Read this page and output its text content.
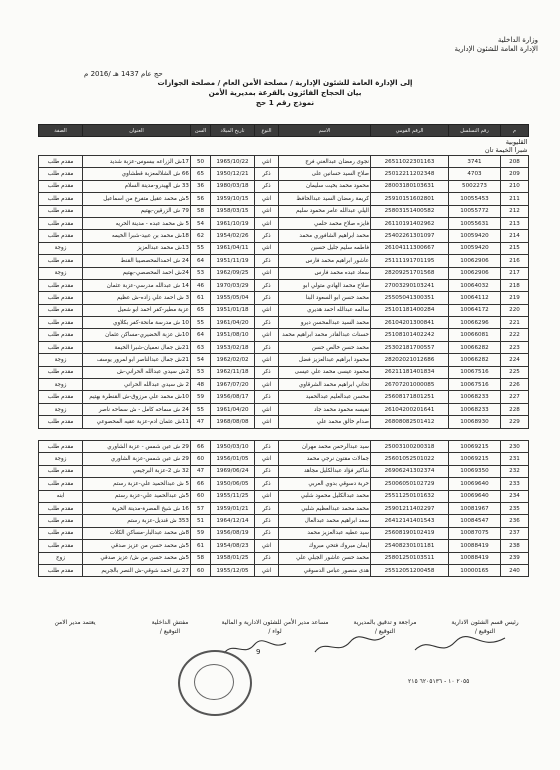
وزارة الداخلية
الإدارة العامة للشئون الإدارية
حج عام 1437 هـ /2016 م
إلى الإدارة العامة للشئون الإدارية / مصلحة الأمن العام / مصلحة الجوازات
بيان الحجاج الفائزون بالقرعة بمديرية الأمن
نموذج رقم 1 حج
م	رقم التسلسل	الرقم القومي	الاسم	النوع	تاريخ الميلاد	السن	العنوان	الصفة

القليوبية
شبرا الخيمة تان								

208	3741	26511022301163	نجوى رمضان عبدالغني فرج	انثي	1965/10/22	50	17ش الزراعه ببسوس-عزبة شديد	مقدم طلب
209	4703	25012211202348	صلاح السيد حسانين على	ذكر	1950/12/21	65	66 ش الشلالمعزبة قطشاوي	مقدم طلب
210	5002273	28003180103631	محمود محمد بخيت سليمان	ذكر	1980/03/18	36	33 ش الهيدرو-مدينة السلام	مقدم طلب
211	10055453	25910151602801	كريمة رمضان السيد عبدالحافظ	انثي	1959/10/15	56	5ش محمد عقيل متفرع من اسماعيل	مقدم طلب
212	10055772	25803151400582	اليلي عبدالله عامر محمود سليم	انثي	1958/03/15	58	79 ش الزرقين-بهتيم	مقدم طلب
213	10055631	26110191402962	فايزه صلاح محمد حلمي	انثي	1961/10/19	54	5 ش محمد عبده - مدينة الحريه	مقدم طلب
214	10059420	25402261301097	محمد ابراهيم الشافوري محمد	ذكر	1954/02/26	62	18ش محمد بن عبيد-شبرا الخيمه	مقدم طلب
215	10059420	26104111300667	فاطمه سليم جليل حسين	انثي	1961/04/11	55	13ش محمد عبدالعزيز	زوجة
216	10062906	25111191701195	عاشور ابراهيم محمد فارس	ذكر	1951/11/19	64	24 ش احمدالمحصصيبا القنط	مقدم طلب
217	10062906	28209251701568	سعاد عبده محمد فارس	انثي	1962/09/25	53	24ش احمد المحصصي-بهتيم	زوجة
218	10064032	27003290103241	صلاح محمد الهادي متولي ابو	ذكر	1970/03/29	46	14 ش عبدالله مدرسي-عزبة عثمان	مقدم طلب
219	10064112	25505041300351	محمد حسن ابو السعود البنا	ذكر	1955/05/04	61	3 ش احمد علي زاده-ش عظيم	مقدم طلب
220	10064172	25101181400284	سالمه عبدالله احمد هديري	انثي	1951/01/18	65	عزبة مطير-كفر احمد ابو شعيل	مقدم طلب
221	10066296	26104201300841	محمد السيد عبدالمحسن ديرو	ذكر	1961/04/20	55	10 ش مدرسة مانحة-كفر بكلاوي	مقدم طلب
222	10066081	25108101402242	حسنات عبدالقادر محمد ابراهيم محمد	انثي	1951/08/10	64	10ش عزبة الخضيري-مساكن عثمان	مقدم طلب
223	10066282	25302181700557	محمد حسن خالص حسن	ذكر	1953/02/18	63	21ش جمال نعميان-شبرا الخيمة	مقدم طلب
224	10066282	28202021012686	محمود ابراهيم عبدالعزيز فضل	انثي	1962/02/02	54	21ش جمال عبدالناصر ابو لمرور يوسف	زوجة
225	10067516	26211181401834	محمود عيسى محمد علي عيسى	ذكر	1962/11/18	53	2ش سيدي عبدالله الحراني-ش	مقدم طلب
226	10067516	26707201000085	تحاني ابراهيم محمد الشرقاوي	انثي	1967/07/20	48	2 ش سيدي عبدالله الحراني	زوجة
227	10068233	25608171801251	محسن عبدالعليم عبدالحميد	ذكر	1956/08/17	59	10ش محمد علي مرزوق-ش القنطرة بهتيم	مقدم طلب
228	10068233	26104200201641	نفيسه محمود محمد جاد	انثي	1961/04/20	55	24 ش سماحه كامل - ش سماحه ناصر	زوجة
229	10068930	26808082501412	صدام خالق محمد علي	انثي	1968/08/08	47	11ش عثمان ادم-عزبة عقيه المحصوعي	مقدم طلب

230	10069215	25003100200318	سيد عبدالرحمن محمد مهران	ذكر	1950/03/10	66	29 ش عين شمس - عزبة الشاوري	مقدم طلب
231	10069215	25601052501022	جمالات مقتون نرجي محمد	انثي	1956/01/05	60	29 ش عين شمس-عزبة الشاوري	زوجة
232	10069350	26906241302374	شاكير فؤاد عبدالكليل مجاهد	ذكر	1969/06/24	47	32 ش 2-عزبة البرجيعي	مقدم طلب
233	10069640	25006050102729	حربة دسوقي بدوي العربي	ذكر	1950/06/05	66	5 ش عبدالحميد علي-عزبة رستم	مقدم طلب
234	10069640	25511250101632	محمد عبدالكليل محمود شلبي	انثي	1955/11/25	60	5ش عبدالحميد علي-عزبة رستم	ابنه
235	10081967	25901211402297	محمد محمد عبدالعظيم شلبي	ذكر	1959/01/21	57	16 ش شيخ المصرة-مدينة الحرية	مقدم طلب
236	10084547	26412141401543	سعد ابراهيم محمد عبدالعال	ذكر	1964/12/14	51	353 ش قنديل-عزبة رستم	مقدم طلب
237	10087075	25608190102419	سيد عطيه عبدالعزيز محمد	ذكر	1956/08/19	59	8ش محمد عبدالبار-مساكن الكلات	مقدم طلب
238	10088419	25408230101181	ايمان مبروك فتحي مبروك	انثي	1954/08/23	61	5ش محمد حسن من عزيز صدقي	مقدم طلب
239	10088419	25801250103511	محمد حسن عاشور الجبلي علي	ذكر	1958/01/25	58	5ش محمد حسن من ش/ عزيز صدقي	زوج
240	10000165	25512051200458	هدى منصور عباس الدسوقي	انثي	1955/12/05	60	27 ش احمد شوقي-ش النصر بالجريم	مقدم طلب
رئيس قسم الشئون الادارية
التوقيع /
مراجعة و تدقيق بالمديرية
التوقيع /
مساعد مدير الأمن للشئون الادارية و المالية
لواء /
مفتش الداخلية
التوقيع /
يعتمد مدير الامن
9
٢٠٥٥ ١٠ - ٦٢٠٥١٣٦ ٢١٥
